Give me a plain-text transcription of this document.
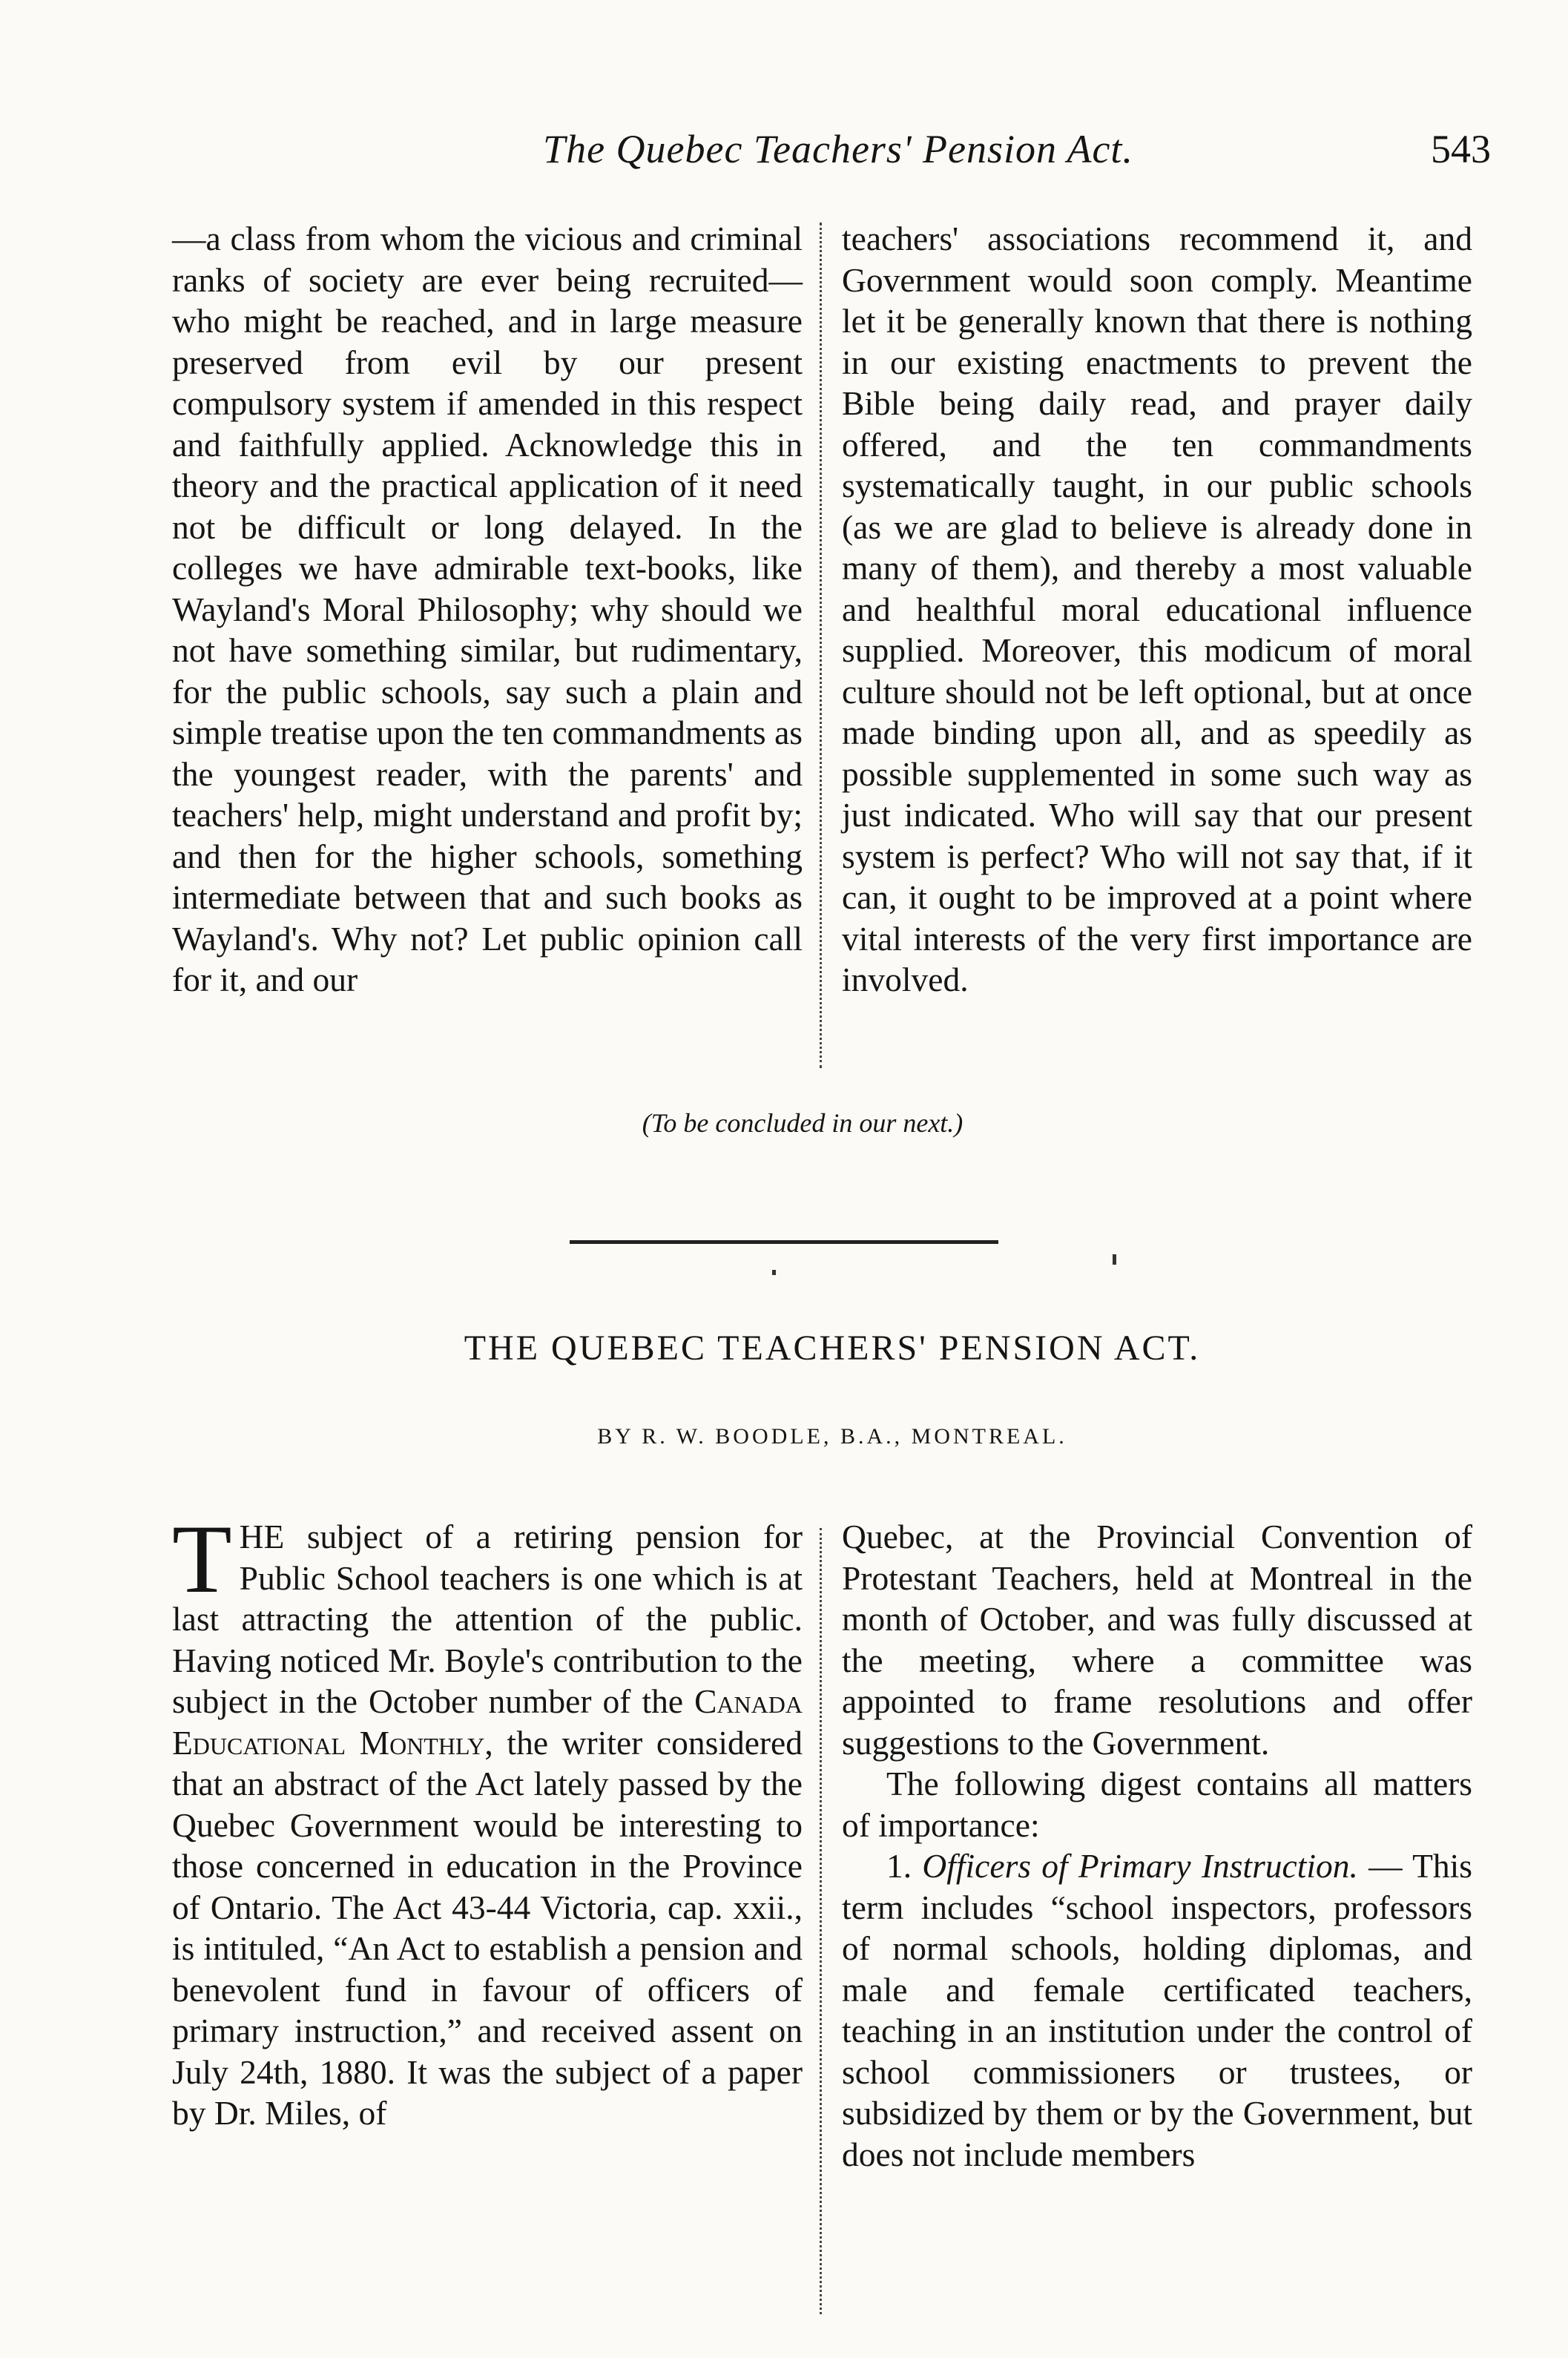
The Quebec Teachers' Pension Act.	543

—a class from whom the vicious and criminal ranks of society are ever being recruited—who might be reached, and in large measure preserved from evil by our present compulsory system if amended in this respect and faithfully applied. Acknowledge this in theory and the practical application of it need not be difficult or long delayed. In the colleges we have admirable text-books, like Wayland's Moral Philosophy; why should we not have something similar, but rudimentary, for the public schools, say such a plain and simple treatise upon the ten commandments as the youngest reader, with the parents' and teachers' help, might understand and profit by; and then for the higher schools, something intermediate between that and such books as Wayland's. Why not? Let public opinion call for it, and our

teachers' associations recommend it, and Government would soon comply. Meantime let it be generally known that there is nothing in our existing enactments to prevent the Bible being daily read, and prayer daily offered, and the ten commandments systematically taught, in our public schools (as we are glad to believe is already done in many of them), and thereby a most valuable and healthful moral educational influence supplied. Moreover, this modicum of moral culture should not be left optional, but at once made binding upon all, and as speedily as possible supplemented in some such way as just indicated. Who will say that our present system is perfect? Who will not say that, if it can, it ought to be improved at a point where vital interests of the very first importance are involved.

(To be concluded in our next.)
THE QUEBEC TEACHERS' PENSION ACT.
BY R. W. BOODLE, B.A., MONTREAL.

THE subject of a retiring pension for Public School teachers is one which is at last attracting the attention of the public. Having noticed Mr. Boyle's contribution to the subject in the October number of the Canada Educational Monthly, the writer considered that an abstract of the Act lately passed by the Quebec Government would be interesting to those concerned in education in the Province of Ontario. The Act 43-44 Victoria, cap. xxii., is intituled, “An Act to establish a pension and benevolent fund in favour of officers of primary instruction,” and received assent on July 24th, 1880. It was the subject of a paper by Dr. Miles, of

Quebec, at the Provincial Convention of Protestant Teachers, held at Montreal in the month of October, and was fully discussed at the meeting, where a committee was appointed to frame resolutions and offer suggestions to the Government.

The following digest contains all matters of importance:

1. Officers of Primary Instruction. — This term includes “school inspectors, professors of normal schools, holding diplomas, and male and female certificated teachers, teaching in an institution under the control of school commissioners or trustees, or subsidized by them or by the Government, but does not include members
